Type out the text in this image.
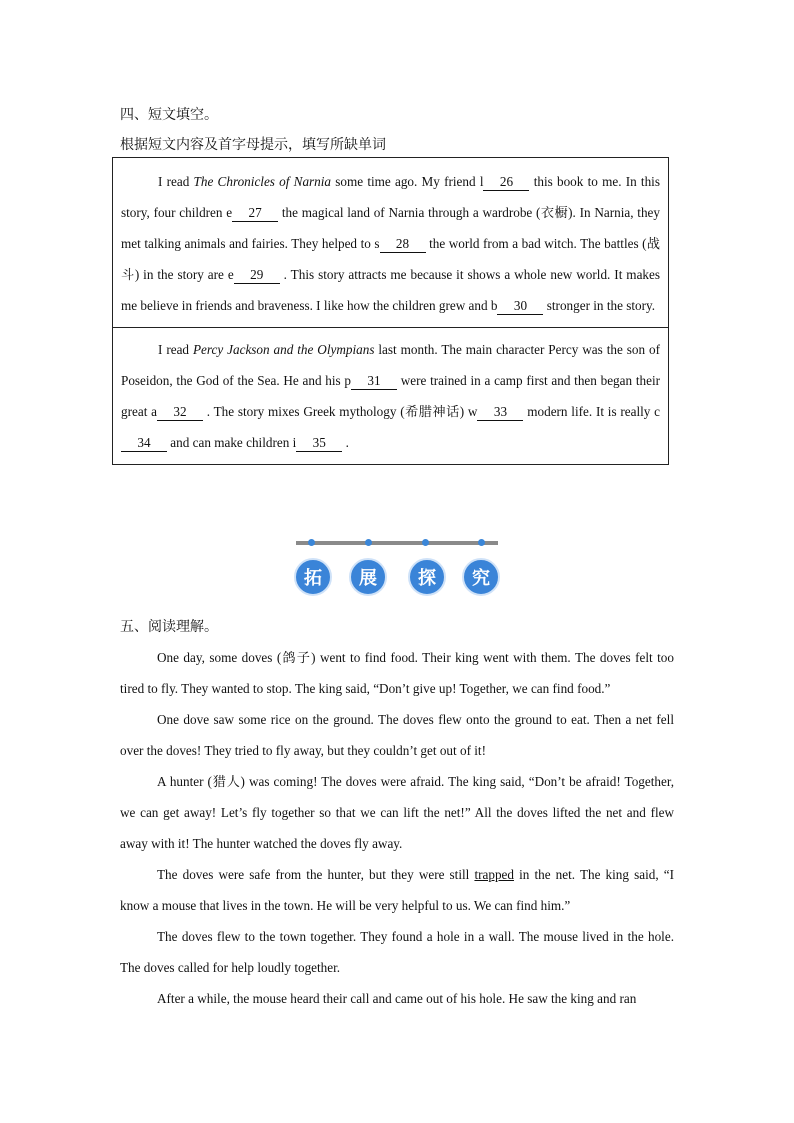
四、短文填空。
根据短文内容及首字母提示，填写所缺单词
I read The Chronicles of Narnia some time ago. My friend l 26 this book to me. In this story, four children e 27 the magical land of Narnia through a wardrobe (衣橱). In Narnia, they met talking animals and fairies. They helped to s 28 the world from a bad witch. The battles (战斗) in the story are e 29 . This story attracts me because it shows a whole new world. It makes me believe in friends and braveness. I like how the children grew and b 30 stronger in the story.
I read Percy Jackson and the Olympians last month. The main character Percy was the son of Poseidon, the God of the Sea. He and his p 31 were trained in a camp first and then began their great a 32 . The story mixes Greek mythology (希腊神话) w 33 modern life. It is really c34 and can make children i 35 .
拓	展	探	究
五、阅读理解。

One day, some doves (鸽子) went to find food. Their king went with them. The doves felt too tired to fly. They wanted to stop. The king said, “Don’t give up! Together, we can find food.”

One dove saw some rice on the ground. The doves flew onto the ground to eat. Then a net fell over the doves! They tried to fly away, but they couldn’t get out of it!

A hunter (猎人) was coming! The doves were afraid. The king said, “Don’t be afraid! Together, we can get away! Let’s fly together so that we can lift the net!” All the doves lifted the net and flew away with it! The hunter watched the doves fly away.

The doves were safe from the hunter, but they were still trapped in the net. The king said, “I know a mouse that lives in the town. He will be very helpful to us. We can find him.”

The doves flew to the town together. They found a hole in a wall. The mouse lived in the hole. The doves called for help loudly together.

After a while, the mouse heard their call and came out of his hole. He saw the king and ran
